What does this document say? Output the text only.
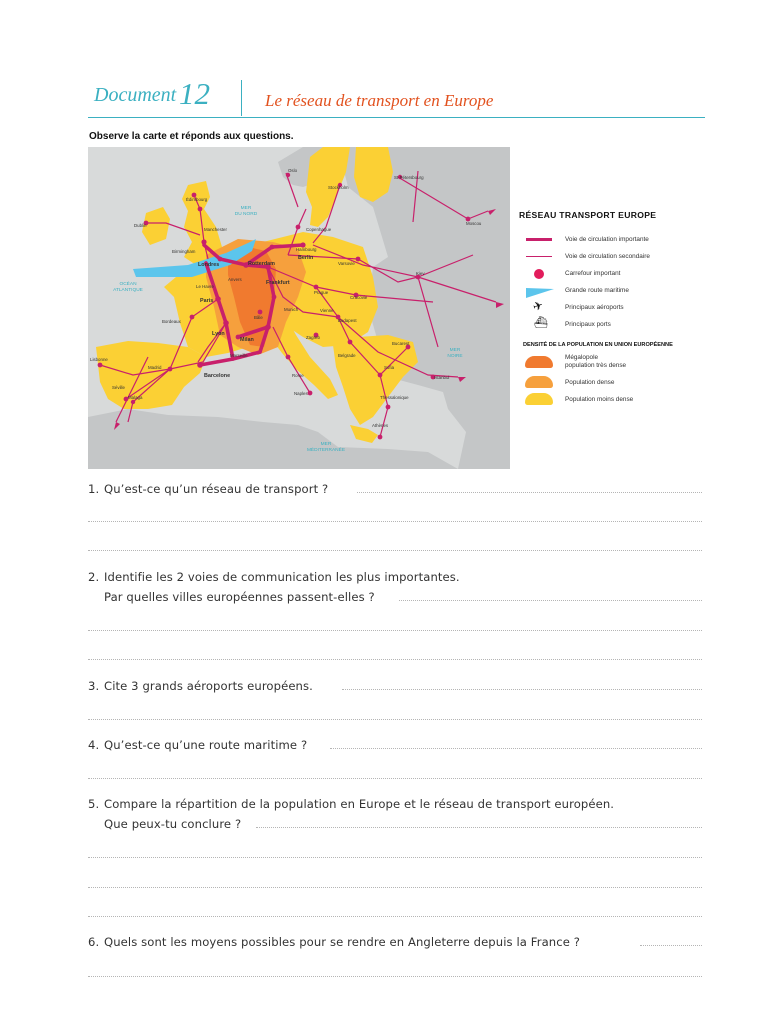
Document 12	Le réseau de transport en Europe
Observe la carte et réponds aux questions.
MER
DU NORD
OCÉAN
ATLANTIQUE
MER
NOIRE
MER
MÉDITERRANÉE
Oslo
Stockholm
St-Pétersbourg
Moscou
Édimbourg
Dublin
Manchester
Birmingham
Londres	Rotterdam
Hambourg
Copenhague
Berlin
Varsovie
Kiev
Frankfurt
Prague
Cracovie
Paris
Le Havre
Anvers
Vienne
Budapest
Bordeaux
Lyon
Munich
Bâle
Zagreb
Milan
Belgrade
Bucarest
Marseille
Barcelone
Lisbonne
Madrid
Séville
Malaga
Rome
Naples
Sofia
Istanbul
Thessalonique
Athènes
RÉSEAU TRANSPORT EUROPE
Voie de circulation importante
Voie de circulation secondaire
Carrefour important
Grande route maritime
✈	Principaux aéroports
⛴	Principaux ports
DENSITÉ DE LA POPULATION EN UNION EUROPÉENNE
Mégalopole
population très dense
Population dense
Population moins dense
1. Qu’est-ce qu’un réseau de transport ?
2. Identifie les 2 voies de communication les plus importantes.
Par quelles villes européennes passent-elles ?
3. Cite 3 grands aéroports européens.
4. Qu’est-ce qu’une route maritime ?
5. Compare la répartition de la population en Europe et le réseau de transport européen.
Que peux-tu conclure ?
6. Quels sont les moyens possibles pour se rendre en Angleterre depuis la France ?
